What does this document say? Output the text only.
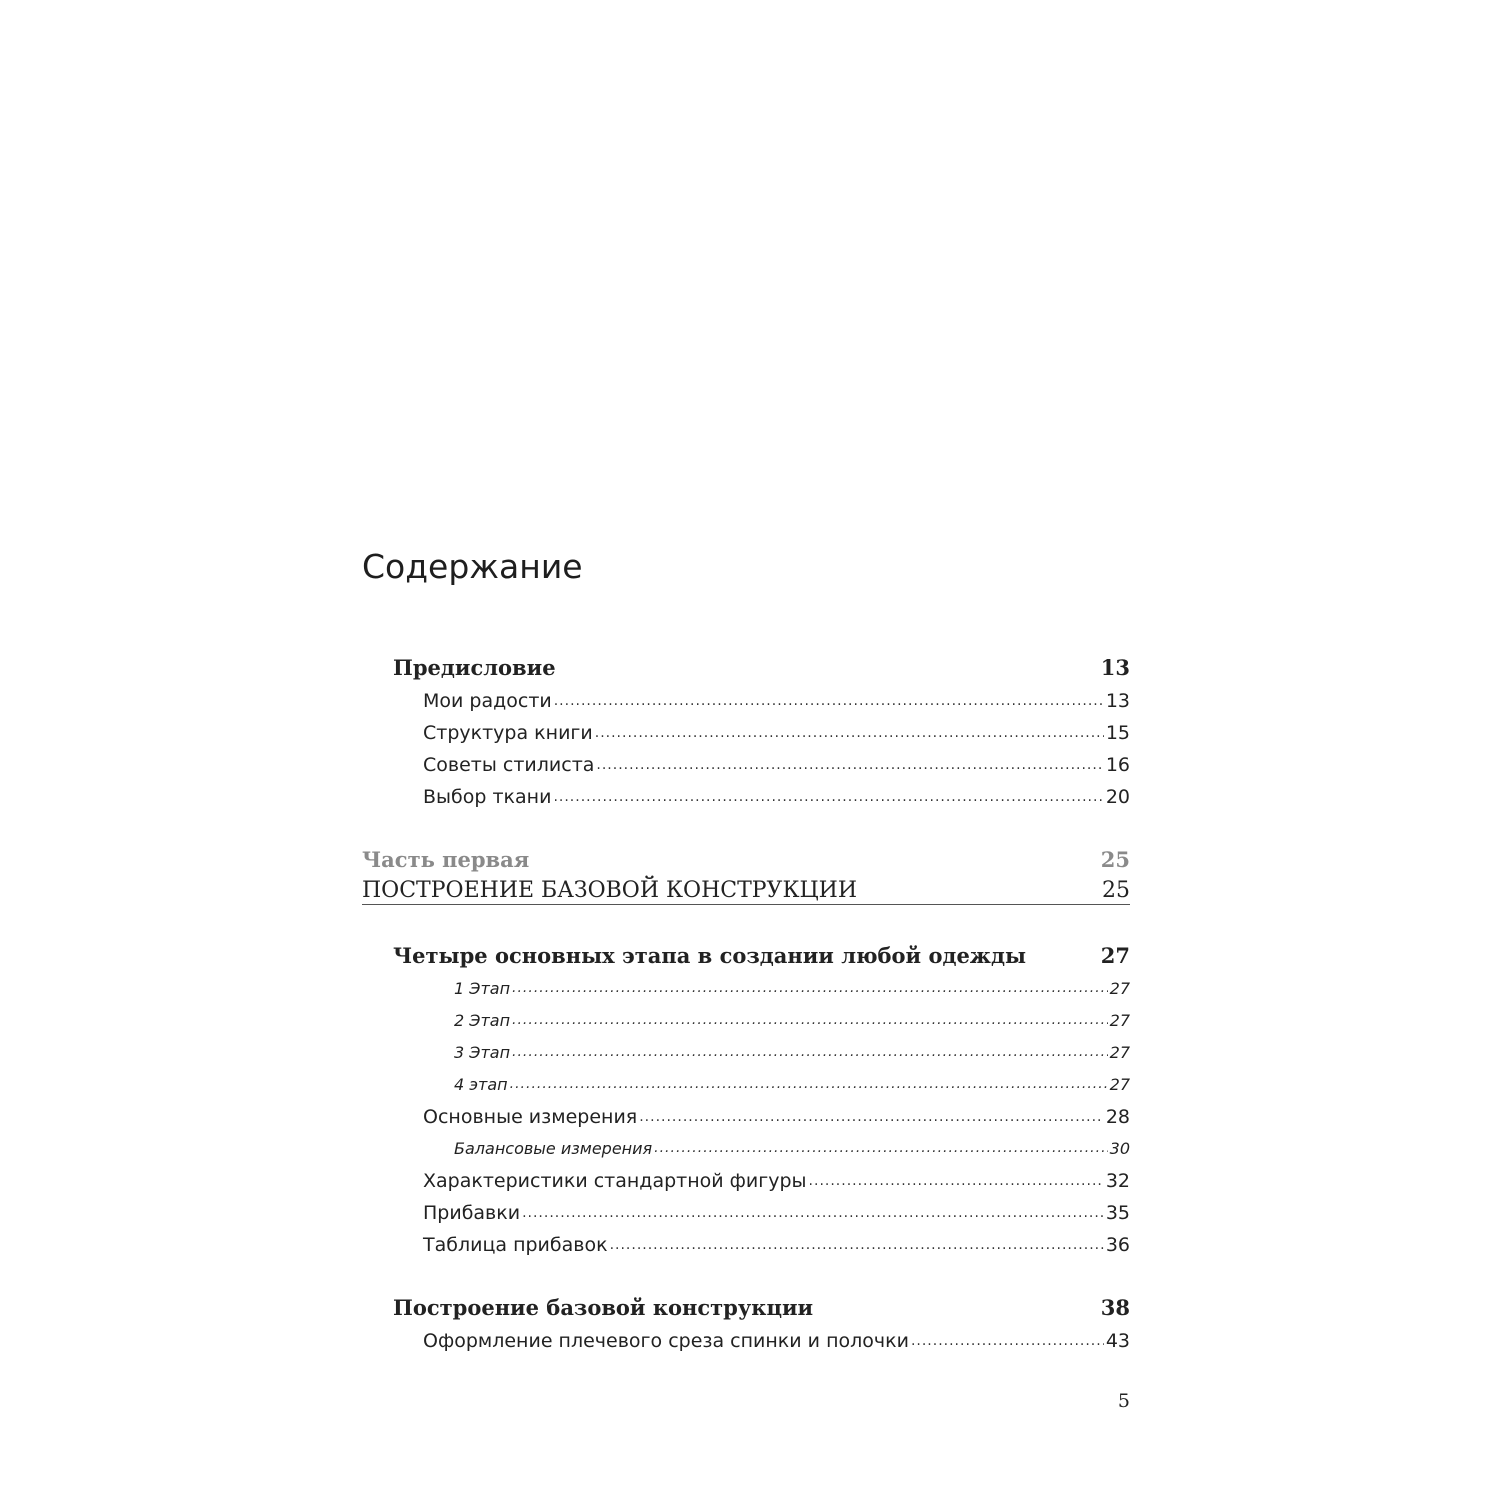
Содержание
Предисловие	13
Мои радости
.....	13
Структура книги
.....	15
Советы стилиста
.....	16
Выбор ткани
.....	20
Часть первая	25
ПОСТРОЕНИЕ БАЗОВОЙ КОНСТРУКЦИИ	25
Четыре основных этапа в создании любой одежды	27
1 Этап
.....	27
2 Этап
.....	27
3 Этап
.....	27
4 этап
.....	27
Основные измерения
.....	28
Балансовые измерения
.....	30
Характеристики стандартной фигуры
.....	32
Прибавки
.....	35
Таблица прибавок
.....	36
Построение базовой конструкции	38
Оформление плечевого среза спинки и полочки
.....	43
5
